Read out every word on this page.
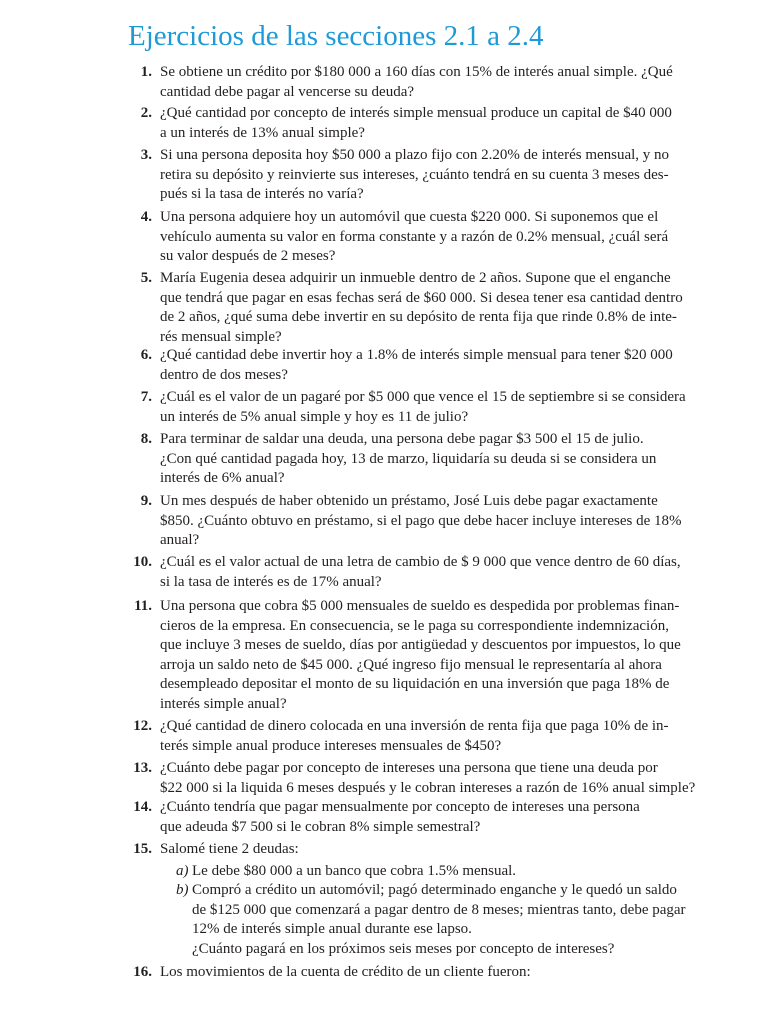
Ejercicios de las secciones 2.1 a 2.4
1. Se obtiene un crédito por $180 000 a 160 días con 15% de interés anual simple. ¿Qué
cantidad debe pagar al vencerse su deuda?
2. ¿Qué cantidad por concepto de interés simple mensual produce un capital de $40 000
a un interés de 13% anual simple?
3. Si una persona deposita hoy $50 000 a plazo fijo con 2.20% de interés mensual, y no
retira su depósito y reinvierte sus intereses, ¿cuánto tendrá en su cuenta 3 meses des-
pués si la tasa de interés no varía?
4. Una persona adquiere hoy un automóvil que cuesta $220 000. Si suponemos que el
vehículo aumenta su valor en forma constante y a razón de 0.2% mensual, ¿cuál será
su valor después de 2 meses?
5. María Eugenia desea adquirir un inmueble dentro de 2 años. Supone que el enganche
que tendrá que pagar en esas fechas será de $60 000. Si desea tener esa cantidad dentro
de 2 años, ¿qué suma debe invertir en su depósito de renta fija que rinde 0.8% de inte-
rés mensual simple?
6. ¿Qué cantidad debe invertir hoy a 1.8% de interés simple mensual para tener $20 000
dentro de dos meses?
7. ¿Cuál es el valor de un pagaré por $5 000 que vence el 15 de septiembre si se considera
un interés de 5% anual simple y hoy es 11 de julio?
8. Para terminar de saldar una deuda, una persona debe pagar $3 500 el 15 de julio.
¿Con qué cantidad pagada hoy, 13 de marzo, liquidaría su deuda si se considera un
interés de 6% anual?
9. Un mes después de haber obtenido un préstamo, José Luis debe pagar exactamente
$850. ¿Cuánto obtuvo en préstamo, si el pago que debe hacer incluye intereses de 18%
anual?
10. ¿Cuál es el valor actual de una letra de cambio de $ 9 000 que vence dentro de 60 días,
si la tasa de interés es de 17% anual?
11. Una persona que cobra $5 000 mensuales de sueldo es despedida por problemas finan-
cieros de la empresa. En consecuencia, se le paga su correspondiente indemnización,
que incluye 3 meses de sueldo, días por antigüedad y descuentos por impuestos, lo que
arroja un saldo neto de $45 000. ¿Qué ingreso fijo mensual le representaría al ahora
desempleado depositar el monto de su liquidación en una inversión que paga 18% de
interés simple anual?
12. ¿Qué cantidad de dinero colocada en una inversión de renta fija que paga 10% de in-
terés simple anual produce intereses mensuales de $450?
13. ¿Cuánto debe pagar por concepto de intereses una persona que tiene una deuda por
$22 000 si la liquida 6 meses después y le cobran intereses a razón de 16% anual simple?
14. ¿Cuánto tendría que pagar mensualmente por concepto de intereses una persona
que adeuda $7 500 si le cobran 8% simple semestral?
15. Salomé tiene 2 deudas:
a) Le debe $80 000 a un banco que cobra 1.5% mensual.
b) Compró a crédito un automóvil; pagó determinado enganche y le quedó un saldo
de $125 000 que comenzará a pagar dentro de 8 meses; mientras tanto, debe pagar
12% de interés simple anual durante ese lapso.
¿Cuánto pagará en los próximos seis meses por concepto de intereses?
16. Los movimientos de la cuenta de crédito de un cliente fueron:
